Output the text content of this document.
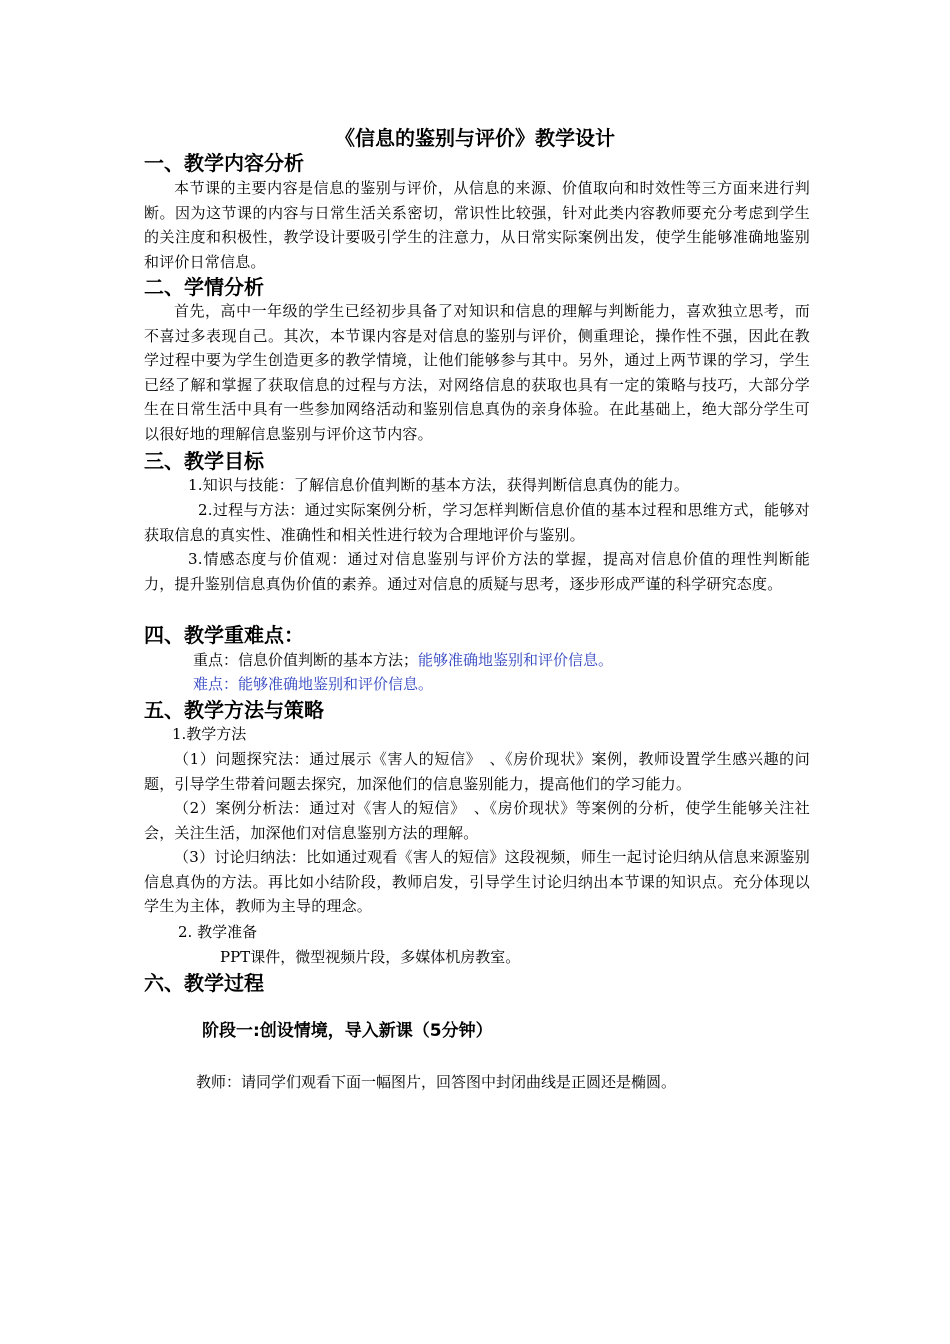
《信息的鉴别与评价》教学设计
一、教学内容分析
本节课的主要内容是信息的鉴别与评价，从信息的来源、价值取向和时效性等三方面来进行判断。因为这节课的内容与日常生活关系密切，常识性比较强，针对此类内容教师要充分考虑到学生的关注度和积极性，教学设计要吸引学生的注意力，从日常实际案例出发，使学生能够准确地鉴别和评价日常信息。
二、学情分析
首先，高中一年级的学生已经初步具备了对知识和信息的理解与判断能力，喜欢独立思考，而不喜过多表现自己。其次，本节课内容是对信息的鉴别与评价，侧重理论，操作性不强，因此在教学过程中要为学生创造更多的教学情境，让他们能够参与其中。另外，通过上两节课的学习，学生已经了解和掌握了获取信息的过程与方法，对网络信息的获取也具有一定的策略与技巧，大部分学生在日常生活中具有一些参加网络活动和鉴别信息真伪的亲身体验。在此基础上，绝大部分学生可以很好地的理解信息鉴别与评价这节内容。
三、教学目标
1.知识与技能：了解信息价值判断的基本方法，获得判断信息真伪的能力。
2.过程与方法：通过实际案例分析，学习怎样判断信息价值的基本过程和思维方式，能够对获取信息的真实性、准确性和相关性进行较为合理地评价与鉴别。
3.情感态度与价值观：通过对信息鉴别与评价方法的掌握，提高对信息价值的理性判断能力，提升鉴别信息真伪价值的素养。通过对信息的质疑与思考，逐步形成严谨的科学研究态度。
四、教学重难点：
重点：信息价值判断的基本方法；能够准确地鉴别和评价信息。
难点：能够准确地鉴别和评价信息。
五、教学方法与策略
1.教学方法
（1）问题探究法：通过展示《害人的短信》　、《房价现状》案例，教师设置学生感兴趣的问题，引导学生带着问题去探究，加深他们的信息鉴别能力，提高他们的学习能力。
（2）案例分析法：通过对《害人的短信》　、《房价现状》等案例的分析，使学生能够关注社会，关注生活，加深他们对信息鉴别方法的理解。
（3）讨论归纳法：比如通过观看《害人的短信》这段视频，师生一起讨论归纳从信息来源鉴别信息真伪的方法。再比如小结阶段，教师启发，引导学生讨论归纳出本节课的知识点。充分体现以学生为主体，教师为主导的理念。
2. 教学准备
PPT课件，微型视频片段，多媒体机房教室。
六、教学过程
阶段一:创设情境，导入新课（5分钟）
教师：请同学们观看下面一幅图片，回答图中封闭曲线是正圆还是椭圆。
